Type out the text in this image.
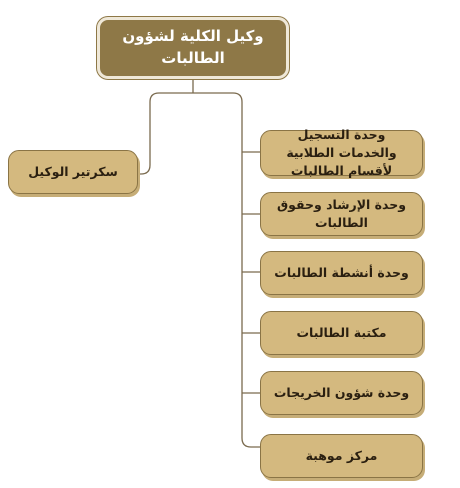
وكيل الكلية لشؤون الطالبات
سكرتير الوكيل
وحدة التسجيل والخدمات الطلابية لأقسام الطالبات
وحدة الإرشاد وحقوق الطالبات
وحدة أنشطة الطالبات
مكتبة الطالبات
وحدة شؤون الخريجات
مركز موهبة
